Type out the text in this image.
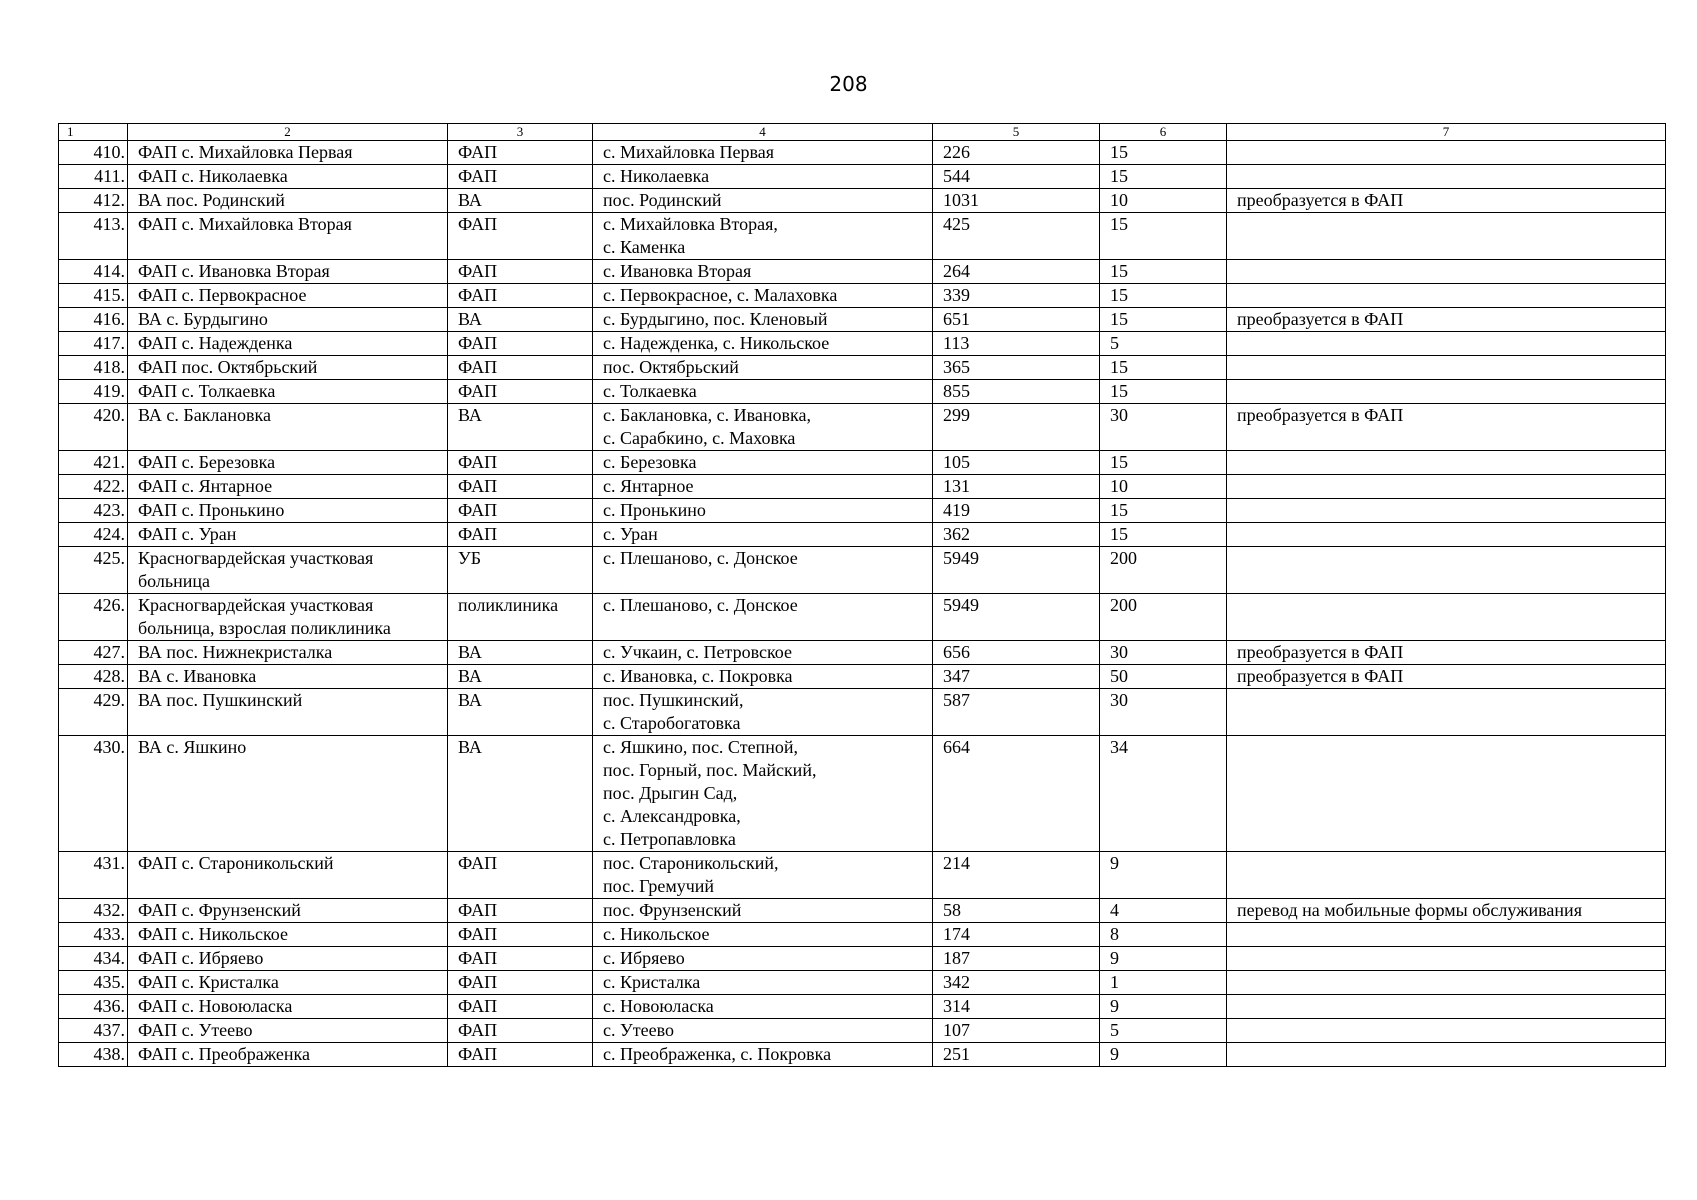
208
1	2	3	4	5	6	7
410.	ФАП с. Михайловка Первая	ФАП	с. Михайловка Первая	226	15	
411.	ФАП с. Николаевка	ФАП	с. Николаевка	544	15	
412.	ВА пос. Родинский	ВА	пос. Родинский	1031	10	преобразуется в ФАП
413.	ФАП с. Михайловка Вторая	ФАП	с. Михайловка Вторая,
с. Каменка	425	15	
414.	ФАП с. Ивановка Вторая	ФАП	с. Ивановка Вторая	264	15	
415.	ФАП с. Первокрасное	ФАП	с. Первокрасное, с. Малаховка	339	15	
416.	ВА с. Бурдыгино	ВА	с. Бурдыгино, пос. Кленовый	651	15	преобразуется в ФАП
417.	ФАП с. Надежденка	ФАП	с. Надежденка, с. Никольское	113	5	
418.	ФАП пос. Октябрьский	ФАП	пос. Октябрьский	365	15	
419.	ФАП с. Толкаевка	ФАП	с. Толкаевка	855	15	
420.	ВА с. Баклановка	ВА	с. Баклановка, с. Ивановка,
с. Сарабкино, с. Маховка	299	30	преобразуется в ФАП
421.	ФАП с. Березовка	ФАП	с. Березовка	105	15	
422.	ФАП с. Янтарное	ФАП	с. Янтарное	131	10	
423.	ФАП с. Пронькино	ФАП	с. Пронькино	419	15	
424.	ФАП с. Уран	ФАП	с. Уран	362	15	
425.	Красногвардейская участковая
больница	УБ	с. Плешаново, с. Донское	5949	200	
426.	Красногвардейская участковая
больница, взрослая поликлиника	поликлиника	с. Плешаново, с. Донское	5949	200	
427.	ВА пос. Нижнекристалка	ВА	с. Учкаин, с. Петровское	656	30	преобразуется в ФАП
428.	ВА с. Ивановка	ВА	с. Ивановка, с. Покровка	347	50	преобразуется в ФАП
429.	ВА пос. Пушкинский	ВА	пос. Пушкинский,
с. Старобогатовка	587	30	
430.	ВА с. Яшкино	ВА	с. Яшкино, пос. Степной,
пос. Горный, пос. Майский,
пос. Дрыгин Сад,
с. Александровка,
с. Петропавловка	664	34	
431.	ФАП с. Староникольский	ФАП	пос. Староникольский,
пос. Гремучий	214	9	
432.	ФАП с. Фрунзенский	ФАП	пос. Фрунзенский	58	4	перевод на мобильные формы обслуживания
433.	ФАП с. Никольское	ФАП	с. Никольское	174	8	
434.	ФАП с. Ибряево	ФАП	с. Ибряево	187	9	
435.	ФАП с. Кристалка	ФАП	с. Кристалка	342	1	
436.	ФАП с. Новоюласка	ФАП	с. Новоюласка	314	9	
437.	ФАП с. Утеево	ФАП	с. Утеево	107	5	
438.	ФАП с. Преображенка	ФАП	с. Преображенка, с. Покровка	251	9	
